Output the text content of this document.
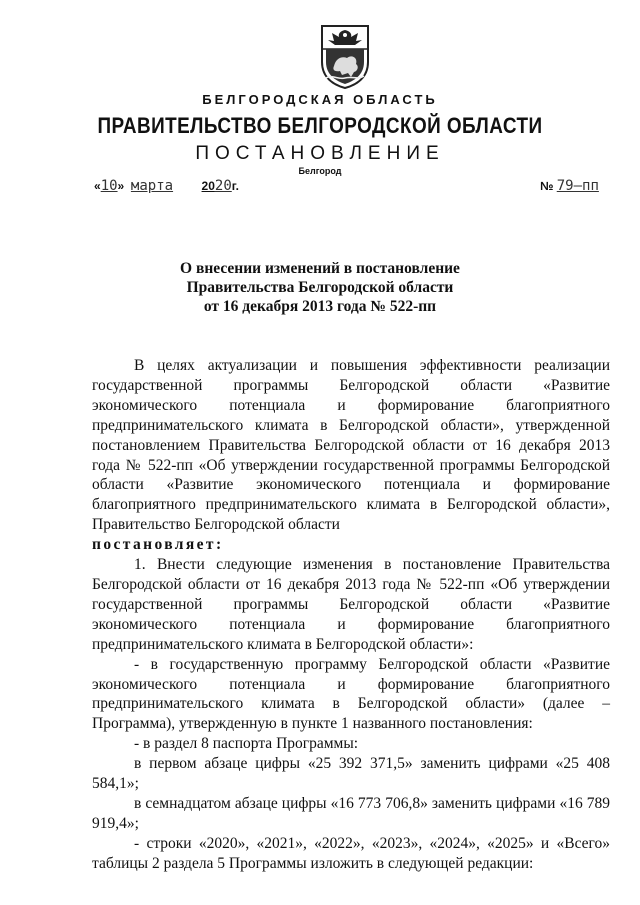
БЕЛГОРОДСКАЯ ОБЛАСТЬ
ПРАВИТЕЛЬСТВО БЕЛГОРОДСКОЙ ОБЛАСТИ
ПОСТАНОВЛЕНИЕ
Белгород
«10» марта 2020г.	№ 79–пп
О внесении изменений в постановление
Правительства Белгородской области
от 16 декабря 2013 года № 522-пп

В целях актуализации и повышения эффективности реализации государственной программы Белгородской области «Развитие экономического потенциала и формирование благоприятного предпринимательского климата в Белгородской области», утвержденной постановлением Правительства Белгородской области от 16 декабря 2013 года № 522-пп «Об утверждении государственной программы Белгородской области «Развитие экономического потенциала и формирование благоприятного предпринимательского климата в Белгородской области», Правительство Белгородской области

постановляет:

1. Внести следующие изменения в постановление Правительства Белгородской области от 16 декабря 2013 года № 522-пп «Об утверждении государственной программы Белгородской области «Развитие экономического потенциала и формирование благоприятного предпринимательского климата в Белгородской области»:

- в государственную программу Белгородской области «Развитие экономического потенциала и формирование благоприятного предпринимательского климата в Белгородской области» (далее – Программа), утвержденную в пункте 1 названного постановления:

- в раздел 8 паспорта Программы:

в первом абзаце цифры «25 392 371,5» заменить цифрами «25 408 584,1»;

в семнадцатом абзаце цифры «16 773 706,8» заменить цифрами «16 789 919,4»;

- строки «2020», «2021», «2022», «2023», «2024», «2025» и «Всего» таблицы 2 раздела 5 Программы изложить в следующей редакции:
